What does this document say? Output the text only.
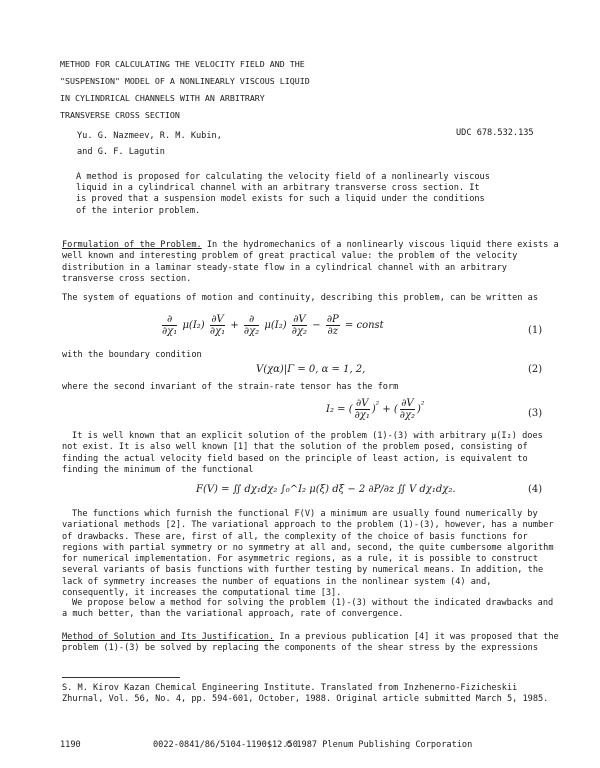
METHOD FOR CALCULATING THE VELOCITY FIELD AND THE
"SUSPENSION" MODEL OF A NONLINEARLY VISCOUS LIQUID
IN CYLINDRICAL CHANNELS WITH AN ARBITRARY
TRANSVERSE CROSS SECTION
Yu. G. Nazmeev, R. M. Kubin,
and G. F. Lagutin
UDC 678.532.135
A method is proposed for calculating the velocity field of a nonlinearly viscous liquid in a cylindrical channel with an arbitrary transverse cross section. It is proved that a suspension model exists for such a liquid under the conditions of the interior problem.
Formulation of the Problem. In the hydromechanics of a nonlinearly viscous liquid there exists a well known and interesting problem of great practical value: the problem of the velocity distribution in a laminar steady-state flow in a cylindrical channel with an arbitrary transverse cross section.
The system of equations of motion and continuity, describing this problem, can be written as
$\frac{\partial}{\text{∂χ₁}} \mu(I_2) \frac{\partial V}{\text{∂χ₁}} + \frac{\partial}{\text{∂χ₂}} \mu(I_2) \frac{\partial V}{\text{∂χ₂}} - \frac{\partial P}{\partial z}$ = const	(1)
with the boundary condition
V(χα)|Γ = 0, α = 1, 2,	(2)
where the second invariant of the strain-rate tensor has the form
I₂ = ( $\frac{\partial V}{\text{∂χ₁}} )^{^2}$ + ( $\frac{\partial V}{\text{∂χ₂}} )^{^2}$
(3)
It is well known that an explicit solution of the problem (1)-(3) with arbitrary μ(I₂) does not exist. It is also well known [1] that the solution of the problem posed, consisting of finding the actual velocity field based on the principle of least action, is equivalent to finding the minimum of the functional
F(V) = ∬ dχ₁dχ₂ ∫₀^I₂ μ(ξ) dξ − 2 ∂P/∂z ∬ V dχ₁dχ₂.	(4)
The functions which furnish the functional F(V) a minimum are usually found numerically by variational methods [2]. The variational approach to the problem (1)-(3), however, has a number of drawbacks. These are, first of all, the complexity of the choice of basis functions for regions with partial symmetry or no symmetry at all and, second, the quite cumbersome algorithm for numerical implementation. For asymmetric regions, as a rule, it is possible to construct several variants of basis functions with further testing by numerical means. In addition, the lack of symmetry increases the number of equations in the nonlinear system (4) and, consequently, it increases the computational time [3].
We propose below a method for solving the problem (1)-(3) without the indicated drawbacks and a much better, than the variational approach, rate of convergence.
Method of Solution and Its Justification. In a previous publication [4] it was proposed that the problem (1)-(3) be solved by replacing the components of the shear stress by the expressions
S. M. Kirov Kazan Chemical Engineering Institute. Translated from Inzhenerno-Fizicheskii Zhurnal, Vol. 56, No. 4, pp. 594-601, October, 1988. Original article submitted March 5, 1985.
1190	0022-0841/86/5104-1190$12.50
© 1987 Plenum Publishing Corporation
